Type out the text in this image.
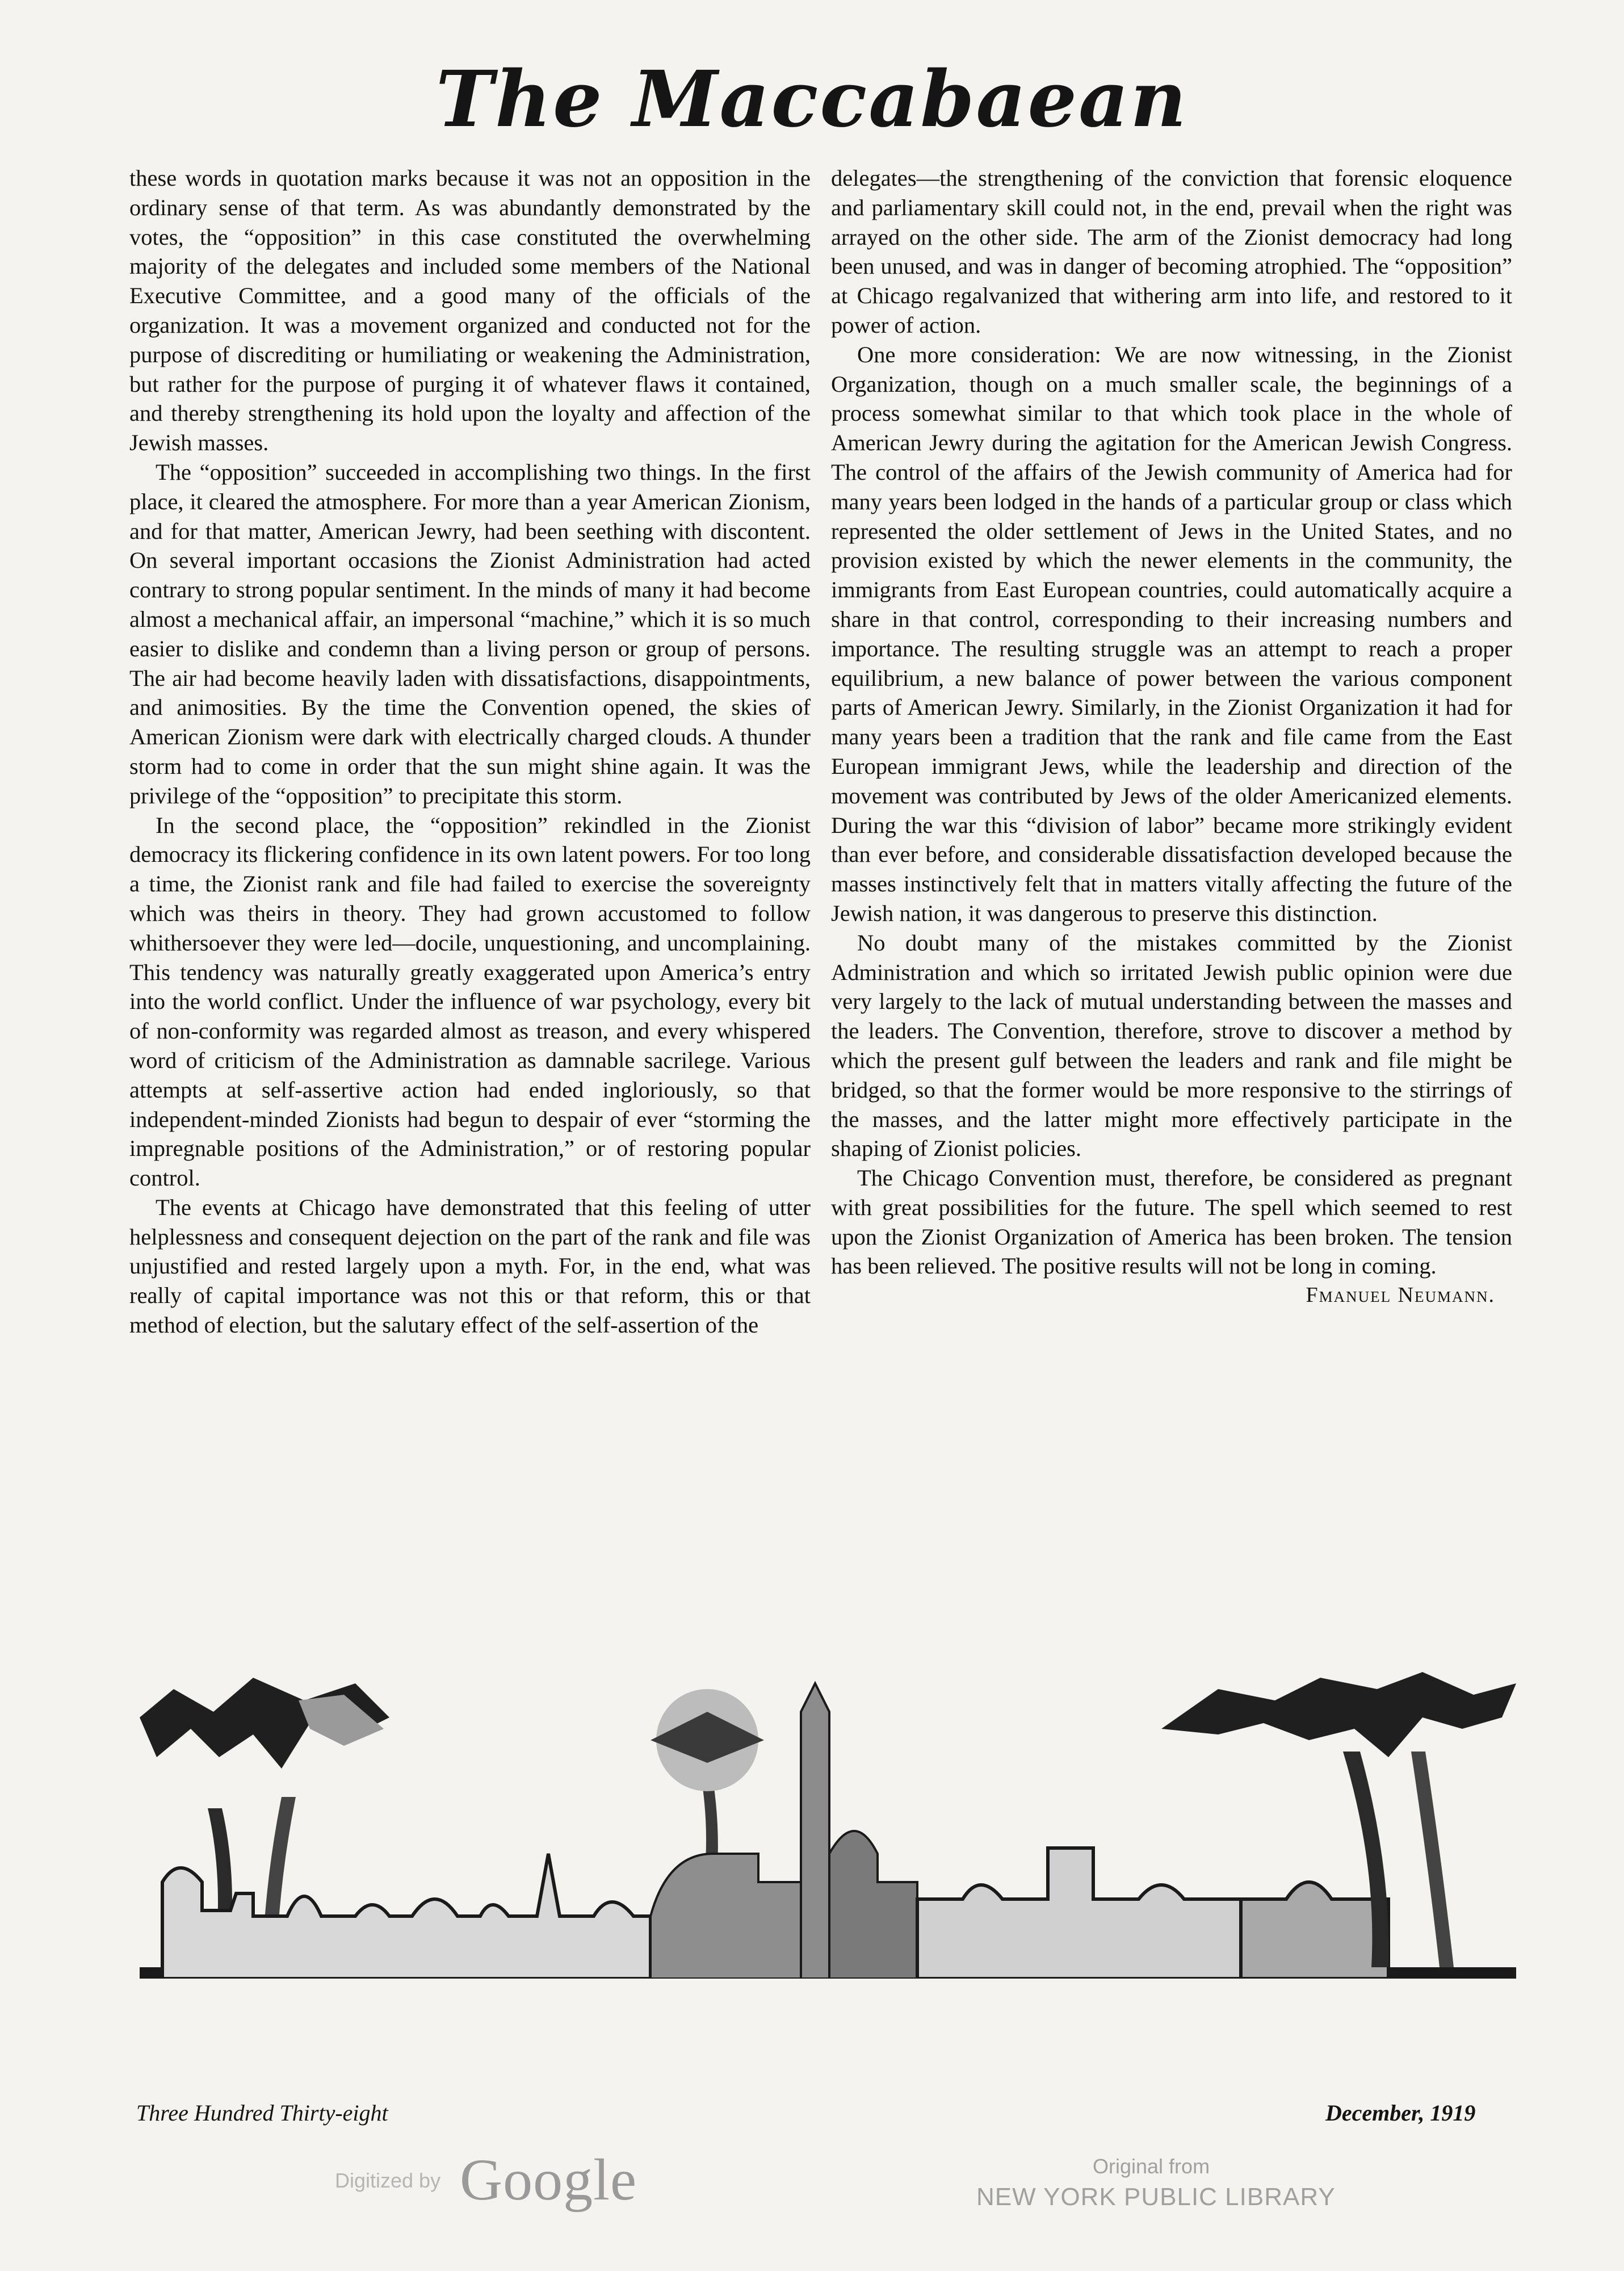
The Maccabaean

these words in quotation marks because it was not an opposition in the ordinary sense of that term. As was abundantly demonstrated by the votes, the “opposition” in this case constituted the overwhelming majority of the delegates and included some members of the National Executive Committee, and a good many of the officials of the organization. It was a movement organized and conducted not for the purpose of discrediting or humiliating or weakening the Administration, but rather for the purpose of purging it of whatever flaws it contained, and thereby strengthening its hold upon the loyalty and affection of the Jewish masses.

The “opposition” succeeded in accomplishing two things. In the first place, it cleared the atmosphere. For more than a year American Zionism, and for that matter, American Jewry, had been seething with discontent. On several important occasions the Zionist Administration had acted contrary to strong popular sentiment. In the minds of many it had become almost a mechanical affair, an impersonal “machine,” which it is so much easier to dislike and condemn than a living person or group of persons. The air had become heavily laden with dissatisfactions, disappointments, and animosities. By the time the Convention opened, the skies of American Zionism were dark with electrically charged clouds. A thunder storm had to come in order that the sun might shine again. It was the privilege of the “opposition” to precipitate this storm.

In the second place, the “opposition” rekindled in the Zionist democracy its flickering confidence in its own latent powers. For too long a time, the Zionist rank and file had failed to exercise the sovereignty which was theirs in theory. They had grown accustomed to follow whithersoever they were led—docile, unquestioning, and uncomplaining. This tendency was naturally greatly exaggerated upon America’s entry into the world conflict. Under the influence of war psychology, every bit of non-conformity was regarded almost as treason, and every whispered word of criticism of the Administration as damnable sacrilege. Various attempts at self-assertive action had ended ingloriously, so that independent-minded Zionists had begun to despair of ever “storming the impregnable positions of the Administration,” or of restoring popular control.

The events at Chicago have demonstrated that this feeling of utter helplessness and consequent dejection on the part of the rank and file was unjustified and rested largely upon a myth. For, in the end, what was really of capital importance was not this or that reform, this or that method of election, but the salutary effect of the self-assertion of the

delegates—the strengthening of the conviction that forensic eloquence and parliamentary skill could not, in the end, prevail when the right was arrayed on the other side. The arm of the Zionist democracy had long been unused, and was in danger of becoming atrophied. The “opposition” at Chicago regalvanized that withering arm into life, and restored to it power of action.

One more consideration: We are now witnessing, in the Zionist Organization, though on a much smaller scale, the beginnings of a process somewhat similar to that which took place in the whole of American Jewry during the agitation for the American Jewish Congress. The control of the affairs of the Jewish community of America had for many years been lodged in the hands of a particular group or class which represented the older settlement of Jews in the United States, and no provision existed by which the newer elements in the community, the immigrants from East European countries, could automatically acquire a share in that control, corresponding to their increasing numbers and importance. The resulting struggle was an attempt to reach a proper equilibrium, a new balance of power between the various component parts of American Jewry. Similarly, in the Zionist Organization it had for many years been a tradition that the rank and file came from the East European immigrant Jews, while the leadership and direction of the movement was contributed by Jews of the older Americanized elements. During the war this “division of labor” became more strikingly evident than ever before, and considerable dissatisfaction developed because the masses instinctively felt that in matters vitally affecting the future of the Jewish nation, it was dangerous to preserve this distinction.

No doubt many of the mistakes committed by the Zionist Administration and which so irritated Jewish public opinion were due very largely to the lack of mutual understanding between the masses and the leaders. The Convention, therefore, strove to discover a method by which the present gulf between the leaders and rank and file might be bridged, so that the former would be more responsive to the stirrings of the masses, and the latter might more effectively participate in the shaping of Zionist policies.

The Chicago Convention must, therefore, be considered as pregnant with great possibilities for the future. The spell which seemed to rest upon the Zionist Organization of America has been broken. The tension has been relieved. The positive results will not be long in coming.

Fmanuel Neumann.
Three Hundred Thirty-eight	December, 1919
Digitized by Google	Original from
NEW YORK PUBLIC LIBRARY
